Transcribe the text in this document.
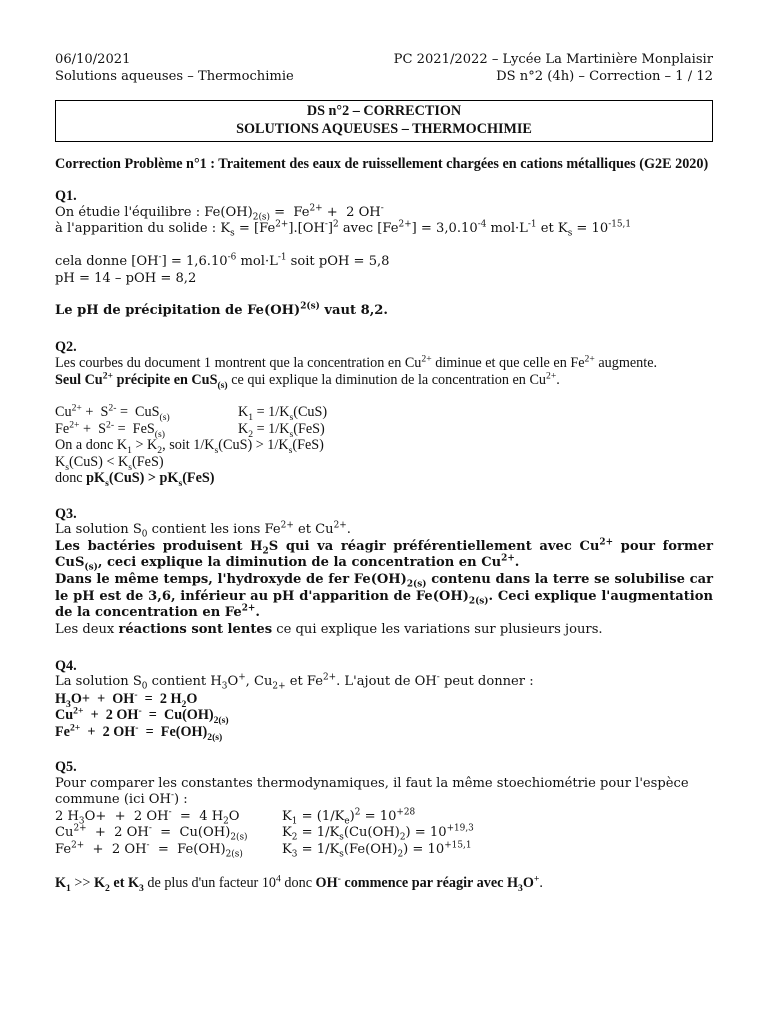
06/10/2021
Solutions aqueuses – Thermochimie
PC 2021/2022 – Lycée La Martinière Monplaisir
DS n°2 (4h) – Correction – 1 / 12
DS n°2 – CORRECTION
SOLUTIONS AQUEUSES – THERMOCHIMIE

Correction Problème n°1 : Traitement des eaux de ruissellement chargées en cations métalliques (G2E 2020)

Q1.

On étudie l'équilibre : $Fe(OH)_{2(s)} = Fe^{2+} + 2$ OH-

à l'apparition du solide : $K_s = [Fe^{2+}].[OH^-]^2$ avec $[Fe^{2+}] = 3,0.10^{-4}$ $mol\cdot L^{-1}$ et $K_s = 10^{-15,1}$

cela donne $[OH^-] = 1,6.10^{-6}$ $mol\cdot L^{-1}$ soit pOH = 5,8

pH = 14 – pOH = 8,2

Le pH de précipitation de Fe(OH)$^{2(s)}$ vaut 8,2.

Q2.

Les courbes du document 1 montrent que la concentration en $Cu^{2+}$ diminue et que celle en $Fe^{2+}$ augmente.

Seul $Cu^{2+}$ précipite en CuS$_{(s)}$ ce qui explique la diminution de la concentration en $Cu^{2+}$.

$Cu^{2+} + S^{2-} = CuS_{(s)}$	$K_1 = 1/K_s(CuS)$
$Fe^{2+} + S^{2-} = FeS_{(s)}$	$K_2 = 1/K_s(FeS)$

On a donc $K_1 > K_2$, soit $1/K_s(CuS) > 1/K_s(FeS)$

$K_s(CuS) < K_s(FeS)$

donc $pK_s(CuS) > pK_s(FeS)$

Q3.

La solution $S_0$ contient les ions $Fe^{2+}$ et $Cu^{2+}$.

Les bactéries produisent $H_2S$ qui va réagir préférentiellement avec $Cu^{2+}$ pour former CuS$_{(s)}$, ceci explique la diminution de la concentration en $Cu^{2+}$.

Dans le même temps, l'hydroxyde de fer $Fe(OH)_{2(s)}$ contenu dans la terre se solubilise car le pH est de 3,6, inférieur au pH d'apparition de $Fe(OH)_{2(s)}$. Ceci explique l'augmentation de la concentration en $Fe^{2+}$.

Les deux réactions sont lentes ce qui explique les variations sur plusieurs jours.

Q4.

La solution $S_0$ contient $H_3O^+$, $Cu_{2+}$ et $Fe^{2+}$. L'ajout de OH- peut donner :

$H_3O+ + OH^- = 2$ $H_2O$

$Cu^{2+} + 2$ $OH^- = Cu(OH)_{2(s)}$

$Fe^{2+} + 2$ $OH^- = Fe(OH)_{2(s)}$

Q5.

Pour comparer les constantes thermodynamiques, il faut la même stoechiométrie pour l'espèce commune (ici OH-) :

2 $H_3O+ + 2$ OH-  =  4 $H_2O$	$K_1 = (1/K_e)^2 = 10^{+28}$
$Cu^{2+} + 2$ $OH^- = Cu(OH)_{2(s)}$	$K_2 = 1/K_s(Cu(OH)_2) = 10^{+19,3}$
$Fe^{2+} + 2$ $OH^- = Fe(OH)_{2(s)}$	$K_3 = 1/K_s(Fe(OH)_2) = 10^{+15,1}$

$K_1 >> K_2$ et $K_3$ de plus d'un facteur $10^4$ donc OH- commence par réagir avec $H_3O^+$.
